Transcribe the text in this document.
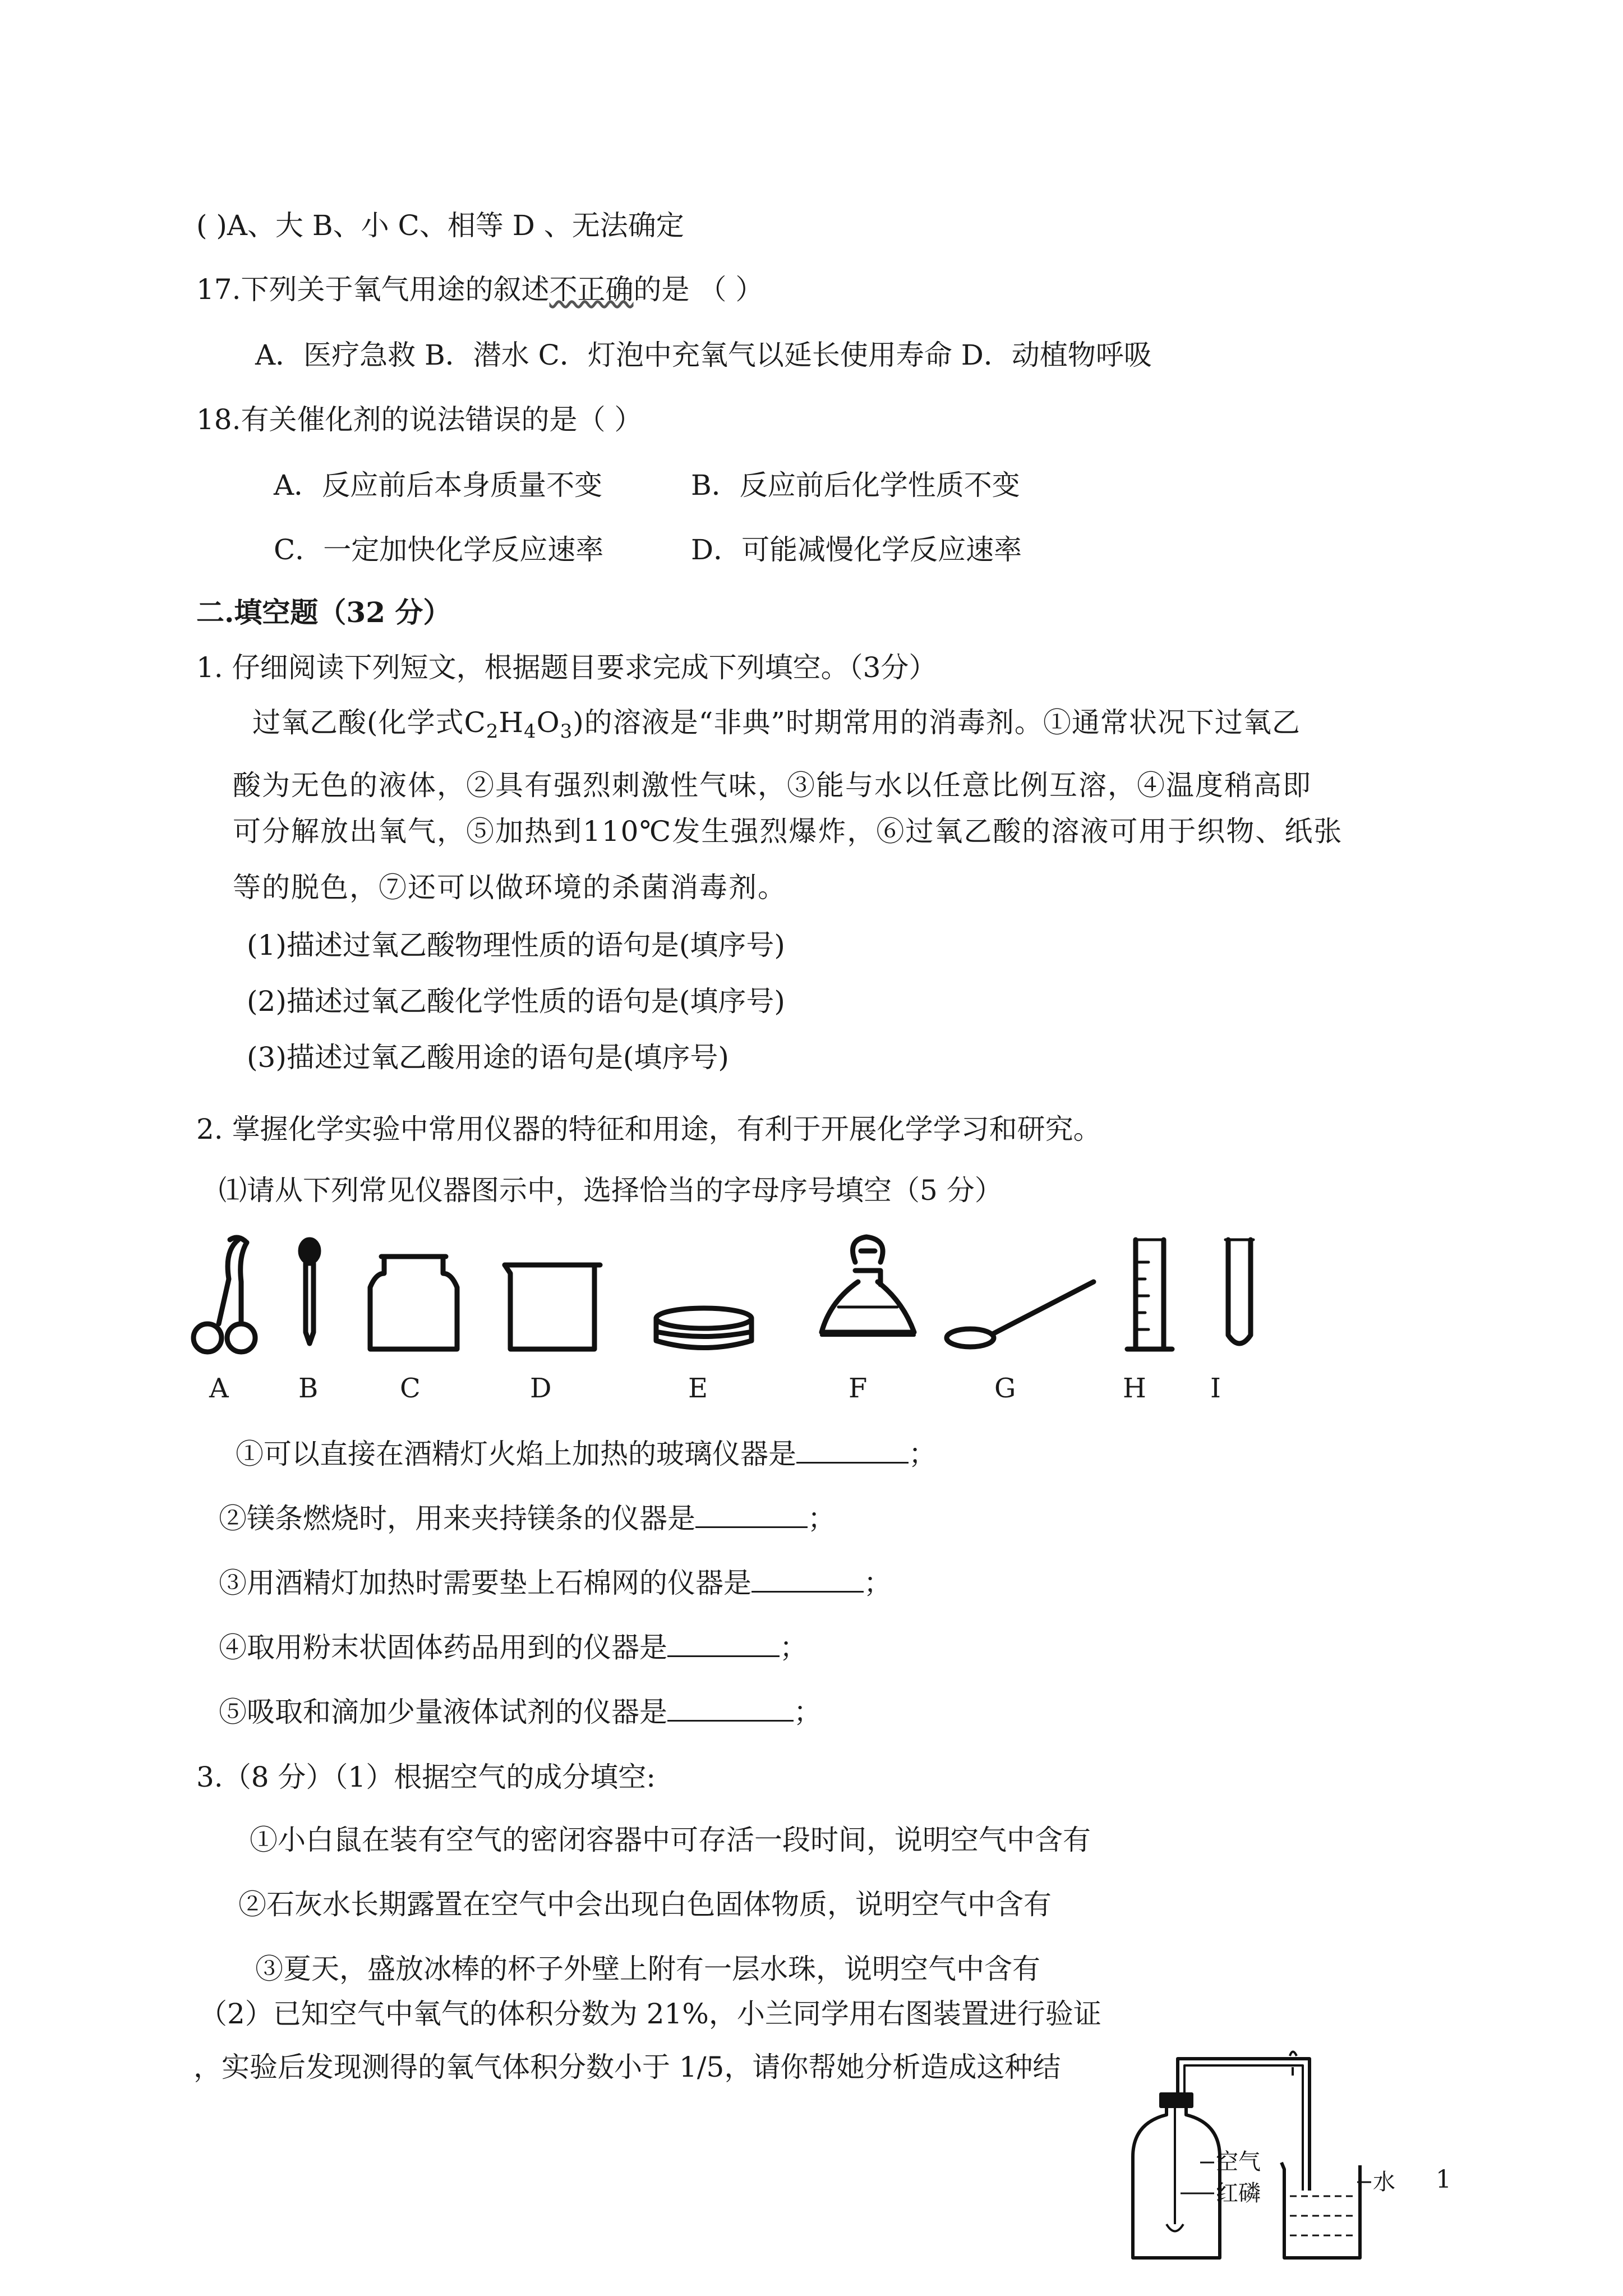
( )A、大 B、小 C、相等 D 、无法确定
17.下列关于氧气用途的叙述不正确的是 （ ）
A．医疗急救 B．潜水 C．灯泡中充氧气以延长使用寿命 D．动植物呼吸
18.有关催化剂的说法错误的是（ ）
A．反应前后本身质量不变	B．反应前后化学性质不变
C．一定加快化学反应速率	D．可能减慢化学反应速率
二.填空题（32 分）
1. 仔细阅读下列短文，根据题目要求完成下列填空。（3分）
过氧乙酸(化学式$C_2H_4O_3$)的溶液是“非典”时期常用的消毒剂。①通常状况下过氧乙
酸为无色的液体，②具有强烈刺激性气味，③能与水以任意比例互溶，④温度稍高即
可分解放出氧气，⑤加热到110℃发生强烈爆炸，⑥过氧乙酸的溶液可用于织物、纸张
等的脱色，⑦还可以做环境的杀菌消毒剂。
(1)描述过氧乙酸物理性质的语句是(填序号)
(2)描述过氧乙酸化学性质的语句是(填序号)
(3)描述过氧乙酸用途的语句是(填序号)
2. 掌握化学实验中常用仪器的特征和用途，有利于开展化学学习和研究。
⑴请从下列常见仪器图示中，选择恰当的字母序号填空（5 分）
A	B	C	D	E	F	G	H I
①可以直接在酒精灯火焰上加热的玻璃仪器是	；
②镁条燃烧时，用来夹持镁条的仪器是	；
③用酒精灯加热时需要垫上石棉网的仪器是	；
④取用粉末状固体药品用到的仪器是	；
⑤吸取和滴加少量液体试剂的仪器是	；
3.（8 分）（1）根据空气的成分填空:
①小白鼠在装有空气的密闭容器中可存活一段时间，说明空气中含有
②石灰水长期露置在空气中会出现白色固体物质，说明空气中含有
③夏天，盛放冰棒的杯子外壁上附有一层水珠，说明空气中含有
（2）已知空气中氧气的体积分数为 21%，小兰同学用右图装置进行验证
，实验后发现测得的氧气体积分数小于 1/5，请你帮她分析造成这种结
空气
红磷	水 1
